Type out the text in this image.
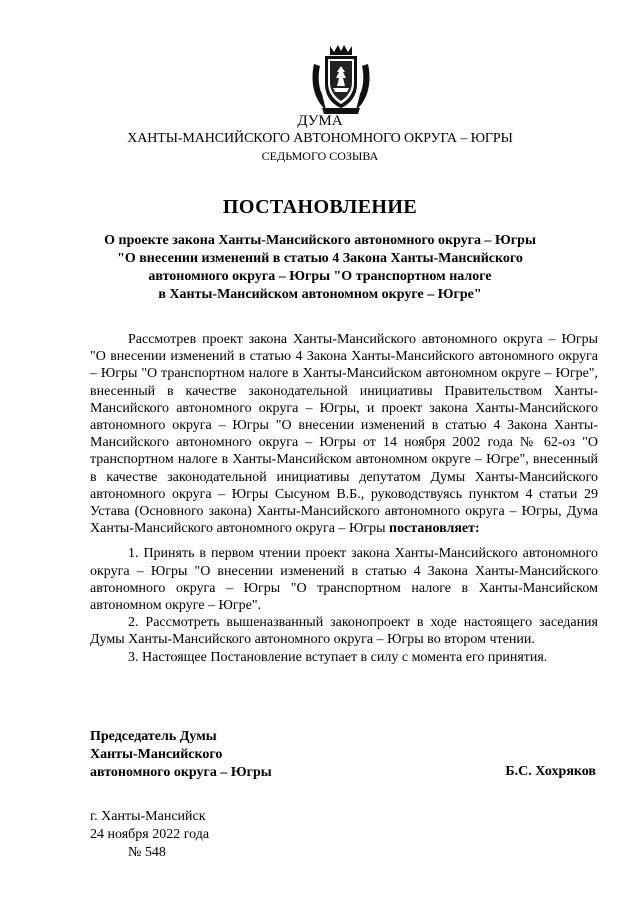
ДУМА
ХАНТЫ-МАНСИЙСКОГО АВТОНОМНОГО ОКРУГА – ЮГРЫ
СЕДЬМОГО СОЗЫВА
ПОСТАНОВЛЕНИЕ
О проекте закона Ханты-Мансийского автономного округа – Югры
"О внесении изменений в статью 4 Закона Ханты-Мансийского
автономного округа – Югры "О транспортном налоге
в Ханты-Мансийском автономном округе – Югре"

Рассмотрев проект закона Ханты-Мансийского автономного округа – Югры "О внесении изменений в статью 4 Закона Ханты-Мансийского автономного округа – Югры "О транспортном налоге в Ханты-Мансийском автономном округе – Югре", внесенный в качестве законодательной инициативы Правительством Ханты-Мансийского автономного округа – Югры, и проект закона Ханты-Мансийского автономного округа – Югры "О внесении изменений в статью 4 Закона Ханты-Мансийского автономного округа – Югры от 14 ноября 2002 года № 62-оз "О транспортном налоге в Ханты-Мансийском автономном округе – Югре", внесенный в качестве законодательной инициативы депутатом Думы Ханты-Мансийского автономного округа – Югры Сысуном В.Б., руководствуясь пунктом 4 статьи 29 Устава (Основного закона) Ханты-Мансийского автономного округа – Югры, Дума Ханты-Мансийского автономного округа – Югры постановляет:

1. Принять в первом чтении проект закона Ханты-Мансийского автономного округа – Югры "О внесении изменений в статью 4 Закона Ханты-Мансийского автономного округа – Югры "О транспортном налоге в Ханты-Мансийском автономном округе – Югре".

2. Рассмотреть вышеназванный законопроект в ходе настоящего заседания Думы Ханты-Мансийского автономного округа – Югры во втором чтении.

3. Настоящее Постановление вступает в силу с момента его принятия.

Председатель Думы
Ханты-Мансийского
автономного округа – Югры	Б.С. Хохряков
г. Ханты-Мансийск
24 ноября 2022 года
№ 548
